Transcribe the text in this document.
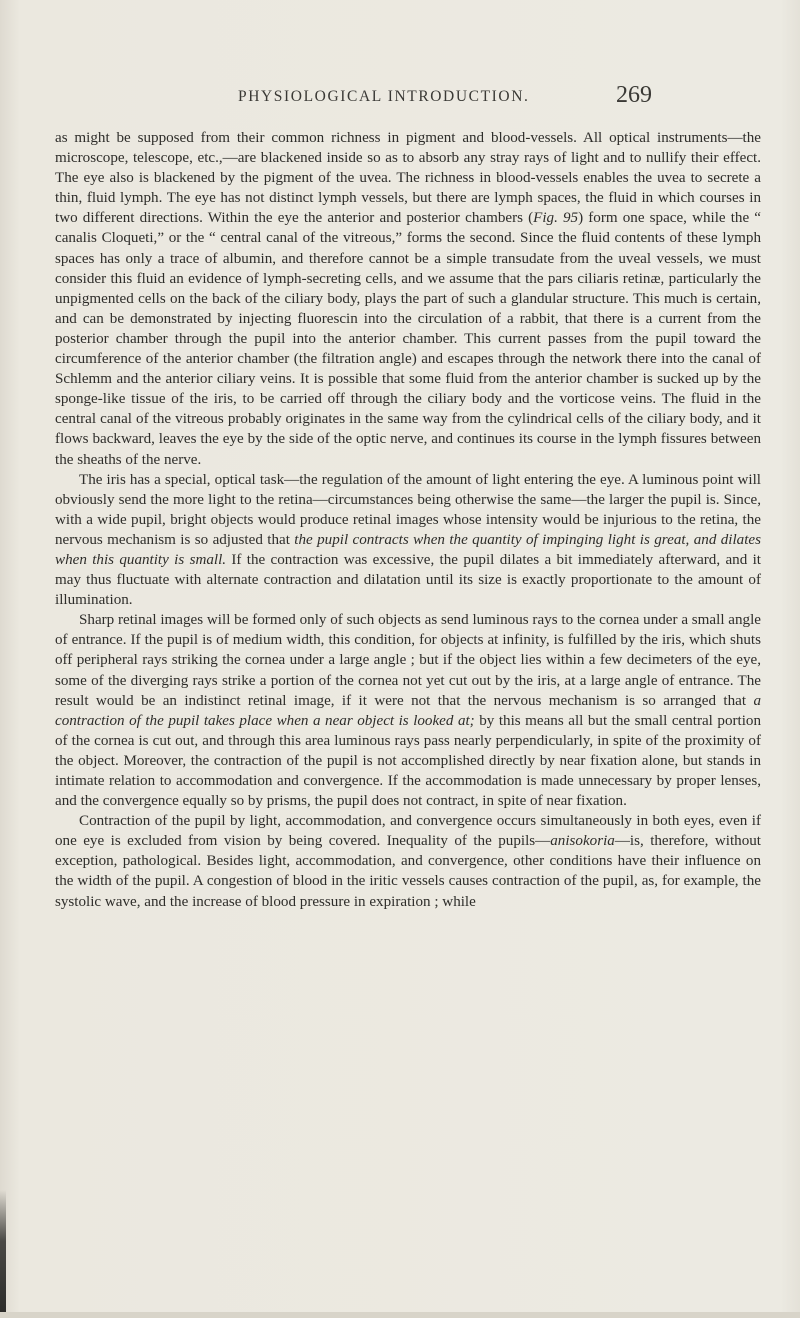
PHYSIOLOGICAL INTRODUCTION.	269

as might be supposed from their common richness in pigment and blood-vessels. All optical instruments—the microscope, telescope, etc.,—are blackened inside so as to absorb any stray rays of light and to nullify their effect. The eye also is blackened by the pigment of the uvea. The richness in blood-vessels enables the uvea to secrete a thin, fluid lymph. The eye has not distinct lymph vessels, but there are lymph spaces, the fluid in which courses in two different directions. Within the eye the anterior and posterior chambers (Fig. 95) form one space, while the “ canalis Cloqueti,” or the “ central canal of the vitreous,” forms the second. Since the fluid contents of these lymph spaces has only a trace of albumin, and therefore cannot be a simple transudate from the uveal vessels, we must consider this fluid an evidence of lymph-secreting cells, and we assume that the pars ciliaris retinæ, particularly the unpigmented cells on the back of the ciliary body, plays the part of such a glandular structure. This much is certain, and can be demonstrated by injecting fluorescin into the circulation of a rabbit, that there is a current from the posterior chamber through the pupil into the anterior chamber. This current passes from the pupil toward the circumference of the anterior chamber (the filtration angle) and escapes through the network there into the canal of Schlemm and the anterior ciliary veins. It is possible that some fluid from the anterior chamber is sucked up by the sponge-like tissue of the iris, to be carried off through the ciliary body and the vorticose veins. The fluid in the central canal of the vitreous probably originates in the same way from the cylindrical cells of the ciliary body, and it flows backward, leaves the eye by the side of the optic nerve, and continues its course in the lymph fissures between the sheaths of the nerve.

The iris has a special, optical task—the regulation of the amount of light entering the eye. A luminous point will obviously send the more light to the retina—circumstances being otherwise the same—the larger the pupil is. Since, with a wide pupil, bright objects would produce retinal images whose intensity would be injurious to the retina, the nervous mechanism is so adjusted that the pupil contracts when the quantity of impinging light is great, and dilates when this quantity is small. If the contraction was excessive, the pupil dilates a bit immediately afterward, and it may thus fluctuate with alternate contraction and dilatation until its size is exactly proportionate to the amount of illumination.

Sharp retinal images will be formed only of such objects as send luminous rays to the cornea under a small angle of entrance. If the pupil is of medium width, this condition, for objects at infinity, is fulfilled by the iris, which shuts off peripheral rays striking the cornea under a large angle ; but if the object lies within a few decimeters of the eye, some of the diverging rays strike a portion of the cornea not yet cut out by the iris, at a large angle of entrance. The result would be an indistinct retinal image, if it were not that the nervous mechanism is so arranged that a contraction of the pupil takes place when a near object is looked at; by this means all but the small central portion of the cornea is cut out, and through this area luminous rays pass nearly perpendicularly, in spite of the proximity of the object. Moreover, the contraction of the pupil is not accomplished directly by near fixation alone, but stands in intimate relation to accommodation and convergence. If the accommodation is made unnecessary by proper lenses, and the convergence equally so by prisms, the pupil does not contract, in spite of near fixation.

Contraction of the pupil by light, accommodation, and convergence occurs simultaneously in both eyes, even if one eye is excluded from vision by being covered. Inequality of the pupils—anisokoria—is, therefore, without exception, pathological. Besides light, accommodation, and convergence, other conditions have their influence on the width of the pupil. A congestion of blood in the iritic vessels causes contraction of the pupil, as, for example, the systolic wave, and the increase of blood pressure in expiration ; while
